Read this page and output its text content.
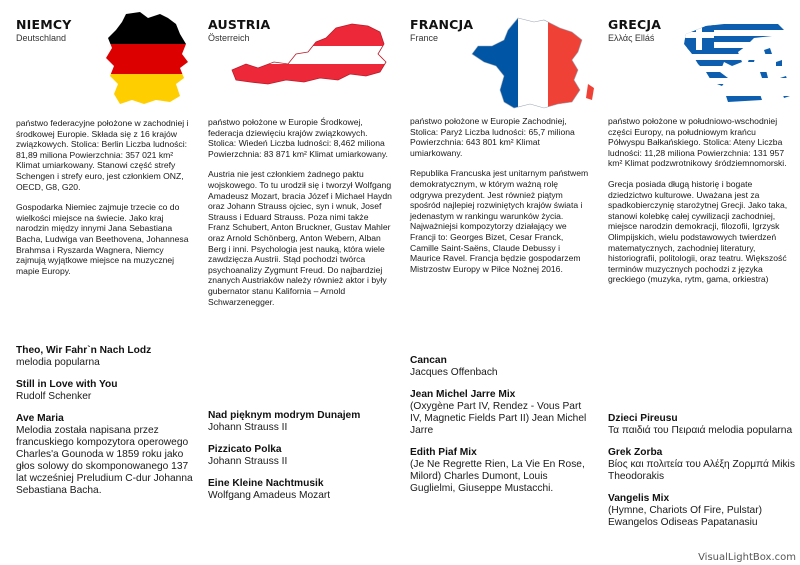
NIEMCY
Deutschland

państwo federacyjne położone w zachodniej i środkowej Europie. Składa się z 16 krajów związkowych. Stolica: Berlin Liczba ludności: 81,89 miliona Powierzchnia: 357 021 km² Klimat umiarkowany. Stanowi część strefy Schengen i strefy euro, jest członkiem ONZ, OECD, G8, G20.

Gospodarka Niemiec zajmuje trzecie co do wielkości miejsce na świecie. Jako kraj narodzin między innymi Jana Sebastiana Bacha, Ludwiga van Beethovena, Johannesa Brahmsa i Ryszarda Wagnera, Niemcy zajmują wyjątkowe miejsce na muzycznej mapie Europy.

Theo, Wir Fahr`n Nach Lodz
melodia popularna
Still in Love with You
Rudolf Schenker
Ave Maria
Melodia została napisana przez francuskiego kompozytora operowego Charles'a Gounoda w 1859 roku jako głos solowy do skomponowanego 137 lat wcześniej Preludium C-dur Johanna Sebastiana Bacha.
AUSTRIA
Österreich

państwo położone w Europie Środkowej, federacja dziewięciu krajów związkowych. Stolica: Wiedeń Liczba ludności: 8,462 miliona Powierzchnia: 83 871 km² Klimat umiarkowany.

Austria nie jest członkiem żadnego paktu wojskowego. To tu urodził się i tworzył Wolfgang Amadeusz Mozart, bracia Józef i Michael Haydn oraz Johann Strauss ojciec, syn i wnuk, Josef Strauss i Eduard Strauss. Poza nimi także Franz Schubert, Anton Bruckner, Gustav Mahler oraz Arnold Schönberg, Anton Webern, Alban Berg i inni. Psychologia jest nauką, która wiele zawdzięcza Austrii. Stąd pochodzi twórca psychoanalizy Zygmunt Freud. Do najbardziej znanych Austriaków należy również aktor i były gubernator stanu Kalifornia – Arnold Schwarzenegger.

Nad pięknym modrym Dunajem
Johann Strauss II
Pizzicato Polka
Johann Strauss II
Eine Kleine Nachtmusik
Wolfgang Amadeus Mozart
FRANCJA
France

państwo położone w Europie Zachodniej, Stolica: Paryż Liczba ludności: 65,7 miliona Powierzchnia: 643 801 km² Klimat umiarkowany.

Republika Francuska jest unitarnym państwem demokratycznym, w którym ważną rolę odgrywa prezydent. Jest również piątym spośród najlepiej rozwiniętych krajów świata i jedenastym w rankingu warunków życia. Najważniejsi kompozytorzy działający we Francji to: Georges Bizet, Cesar Franck, Camille Saint-Saëns, Claude Debussy i Maurice Ravel. Francja będzie gospodarzem Mistrzostw Europy w Piłce Nożnej 2016.

Cancan
Jacques Offenbach
Jean Michel Jarre Mix
(Oxygène Part IV, Rendez - Vous Part IV, Magnetic Fields Part II) Jean Michel Jarre
Edith Piaf Mix
(Je Ne Regrette Rien, La Vie En Rose, Milord) Charles Dumont, Louis Guglielmi, Giuseppe Mustacchi.
GRECJA
Ελλάς Elláś

państwo położone w południowo-wschodniej części Europy, na południowym krańcu Półwyspu Bałkańskiego. Stolica: Ateny Liczba ludności: 11,28 miliona Powierzchnia: 131 957 km² Klimat podzwrotnikowy śródziemnomorski.

Grecja posiada długą historię i bogate dziedzictwo kulturowe. Uważana jest za spadkobierczynię starożytnej Grecji. Jako taka, stanowi kolebkę całej cywilizacji zachodniej, miejsce narodzin demokracji, filozofii, Igrzysk Olimpijskich, wielu podstawowych twierdzeń matematycznych, zachodniej literatury, historiografii, politologii, oraz teatru. Większość terminów muzycznych pochodzi z języka greckiego (muzyka, rytm, gama, orkiestra)

Dzieci Pireusu
Τα παιδιά του Πειραιά melodia popularna
Grek Zorba
Βίος και πολιτεία του Αλέξη Ζορμπά Mikis Theodorakis
Vangelis Mix
(Hymne, Chariots Of Fire, Pulstar) Ewangelos Odiseas Papatanasiu
VisualLightBox.com
